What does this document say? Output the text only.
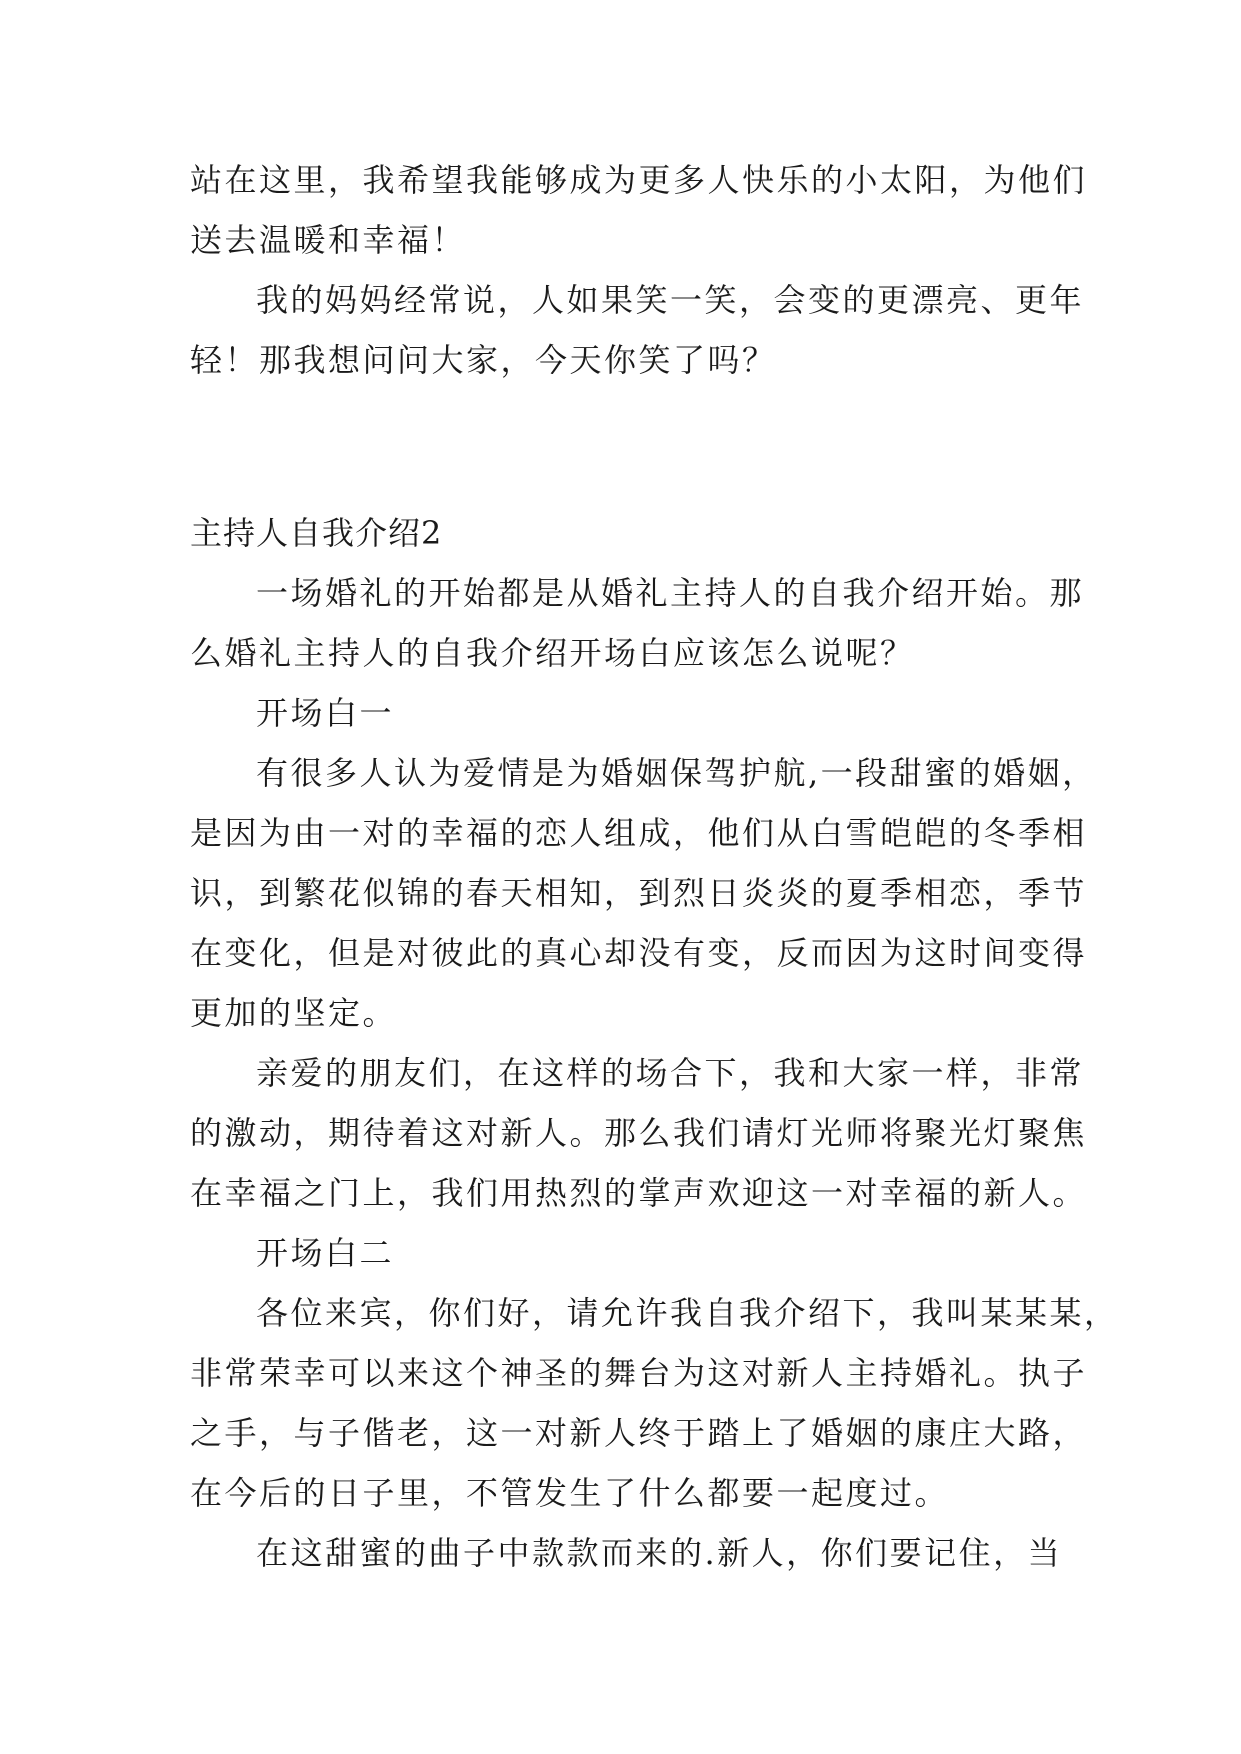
站在这里，我希望我能够成为更多人快乐的小太阳，为他们
送去温暖和幸福！
我的妈妈经常说，人如果笑一笑，会变的更漂亮、更年
轻！那我想问问大家，今天你笑了吗？
主持人自我介绍2
一场婚礼的开始都是从婚礼主持人的自我介绍开始。那
么婚礼主持人的自我介绍开场白应该怎么说呢？
开场白一
有很多人认为爱情是为婚姻保驾护航,一段甜蜜的婚姻，
是因为由一对的幸福的恋人组成，他们从白雪皑皑的冬季相
识，到繁花似锦的春天相知，到烈日炎炎的夏季相恋，季节
在变化，但是对彼此的真心却没有变，反而因为这时间变得
更加的坚定。
亲爱的朋友们，在这样的场合下，我和大家一样，非常
的激动，期待着这对新人。那么我们请灯光师将聚光灯聚焦
在幸福之门上，我们用热烈的掌声欢迎这一对幸福的新人。
开场白二
各位来宾，你们好，请允许我自我介绍下，我叫某某某，
非常荣幸可以来这个神圣的舞台为这对新人主持婚礼。执子
之手，与子偕老，这一对新人终于踏上了婚姻的康庄大路，
在今后的日子里，不管发生了什么都要一起度过。
在这甜蜜的曲子中款款而来的.新人，你们要记住，当
